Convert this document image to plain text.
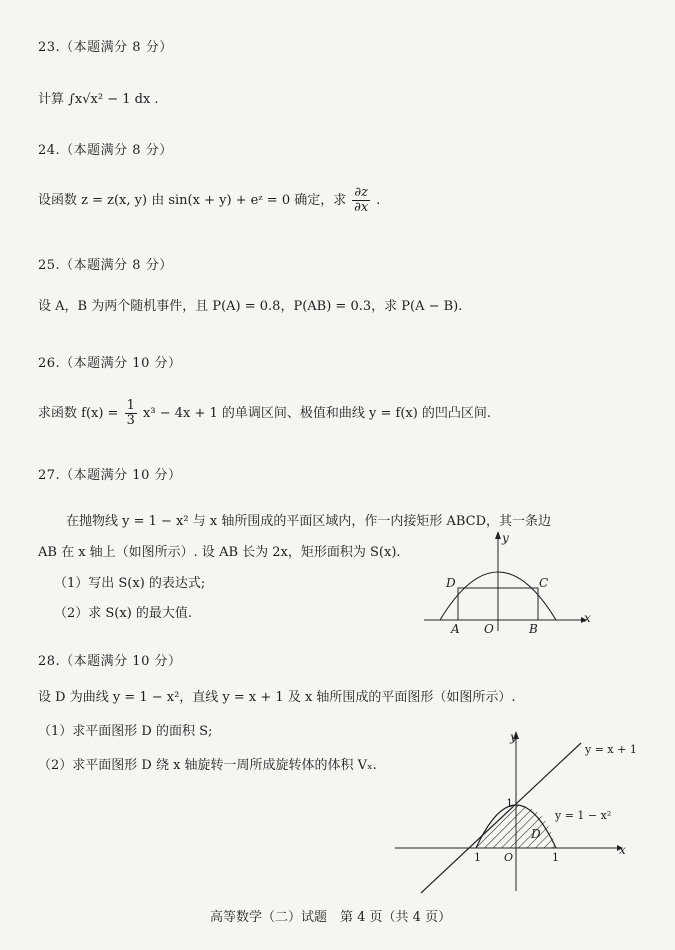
23.（本题满分 8 分）
计算 ∫x√x² − 1 dx .
24.（本题满分 8 分）
设函数 z = z(x, y) 由 sin(x + y) + eᶻ = 0 确定，求 $\frac{\partial z}{\partial x}$ .
25.（本题满分 8 分）
设 A，B 为两个随机事件，且 P(A) = 0.8，P(AB) = 0.3，求 P(A − B).
26.（本题满分 10 分）
求函数 $f(x) = \frac{1}{3} x^3 - 4x + 1$ 的单调区间、极值和曲线 y = f(x) 的凹凸区间.
27.（本题满分 10 分）
在抛物线 y = 1 − x² 与 x 轴所围成的平面区域内，作一内接矩形 ABCD，其一条边
AB 在 x 轴上（如图所示）. 设 AB 长为 2x，矩形面积为 S(x).
（1）写出 S(x) 的表达式;
（2）求 S(x) 的最大值.
y
x
D	C
A O	B
28.（本题满分 10 分）
设 D 为曲线 y = 1 − x²，直线 y = x + 1 及 x 轴所围成的平面图形（如图所示）.
（1）求平面图形 D 的面积 S;
（2）求平面图形 D 绕 x 轴旋转一周所成旋转体的体积 Vₓ.
y
x
y = x + 1
y = 1 − x²
1
1 O	1
D
高等数学（二）试题　第 4 页（共 4 页）
